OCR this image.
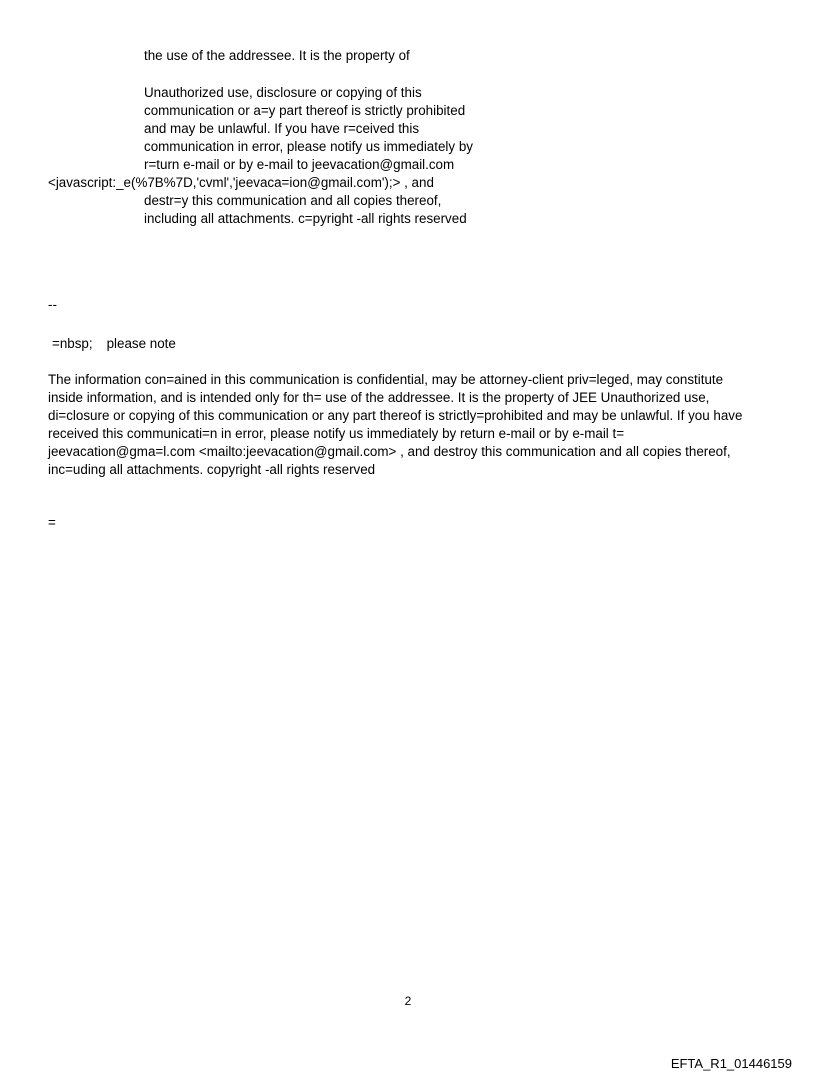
the use of the addressee. It is the property of
Unauthorized use, disclosure or copying of this
communication or a=y part thereof is strictly prohibited
and may be unlawful. If you have r=ceived this
communication in error, please notify us immediately by
r=turn e-mail or by e-mail to jeevacation@gmail.com
<javascript:_e(%7B%7D,'cvml','jeevaca=ion@gmail.com');> , and
destr=y this communication and all copies thereof,
including all attachments. c=pyright -all rights reserved
--
=nbsp; please note
The information con=ained in this communication is confidential, may be attorney-client priv=leged, may constitute
inside information, and is intended only for th= use of the addressee. It is the property of JEE Unauthorized use,
di=closure or copying of this communication or any part thereof is strictly=prohibited and may be unlawful. If you have
received this communicati=n in error, please notify us immediately by return e-mail or by e-mail t=
jeevacation@gma=l.com <mailto:jeevacation@gmail.com> , and destroy this communication and all copies thereof,
inc=uding all attachments. copyright -all rights reserved
=
2
EFTA_R1_01446159
